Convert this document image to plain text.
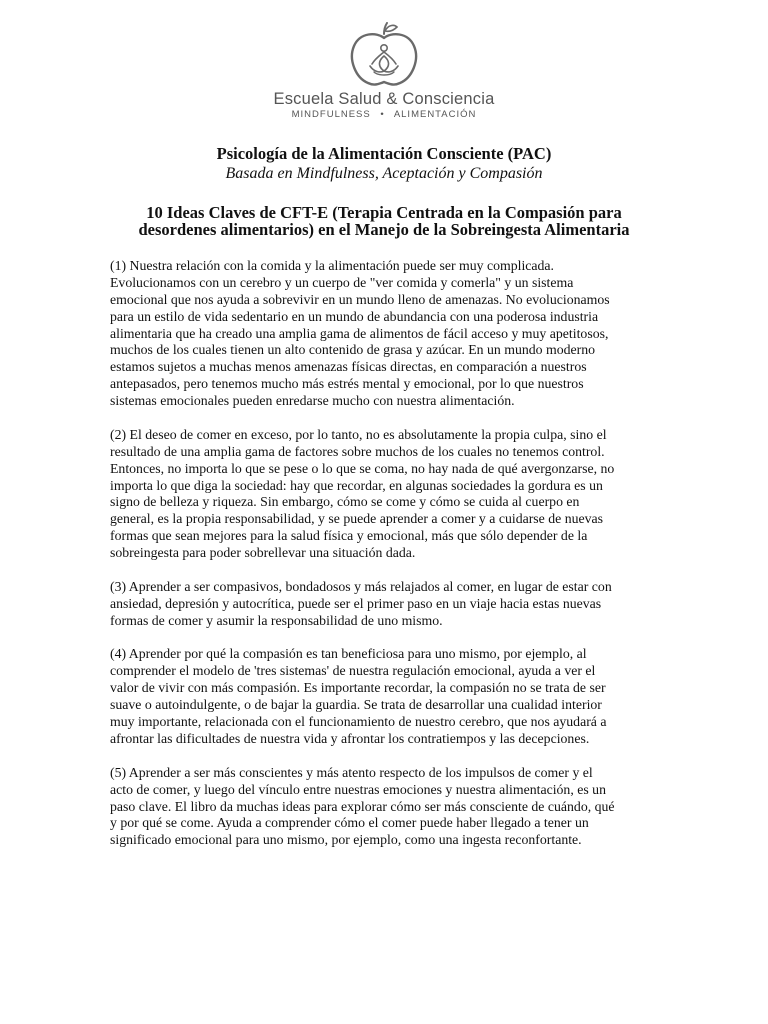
Escuela Salud & Consciencia
MINDFULNESS • ALIMENTACIÓN
Psicología de la Alimentación Consciente (PAC)
Basada en Mindfulness, Aceptación y Compasión
10 Ideas Claves de CFT-E (Terapia Centrada en la Compasión para
desordenes alimentarios) en el Manejo de la Sobreingesta Alimentaria
(1) Nuestra relación con la comida y la alimentación puede ser muy complicada.
Evolucionamos con un cerebro y un cuerpo de "ver comida y comerla" y un sistema
emocional que nos ayuda a sobrevivir en un mundo lleno de amenazas. No evolucionamos
para un estilo de vida sedentario en un mundo de abundancia con una poderosa industria
alimentaria que ha creado una amplia gama de alimentos de fácil acceso y muy apetitosos,
muchos de los cuales tienen un alto contenido de grasa y azúcar. En un mundo moderno
estamos sujetos a muchas menos amenazas físicas directas, en comparación a nuestros
antepasados, pero tenemos mucho más estrés mental y emocional, por lo que nuestros
sistemas emocionales pueden enredarse mucho con nuestra alimentación.
(2) El deseo de comer en exceso, por lo tanto, no es absolutamente la propia culpa, sino el
resultado de una amplia gama de factores sobre muchos de los cuales no tenemos control.
Entonces, no importa lo que se pese o lo que se coma, no hay nada de qué avergonzarse, no
importa lo que diga la sociedad: hay que recordar, en algunas sociedades la gordura es un
signo de belleza y riqueza. Sin embargo, cómo se come y cómo se cuida al cuerpo en
general, es la propia responsabilidad, y se puede aprender a comer y a cuidarse de nuevas
formas que sean mejores para la salud física y emocional, más que sólo depender de la
sobreingesta para poder sobrellevar una situación dada.
(3) Aprender a ser compasivos, bondadosos y más relajados al comer, en lugar de estar con
ansiedad, depresión y autocrítica, puede ser el primer paso en un viaje hacia estas nuevas
formas de comer y asumir la responsabilidad de uno mismo.
(4) Aprender por qué la compasión es tan beneficiosa para uno mismo, por ejemplo, al
comprender el modelo de 'tres sistemas' de nuestra regulación emocional, ayuda a ver el
valor de vivir con más compasión. Es importante recordar, la compasión no se trata de ser
suave o autoindulgente, o de bajar la guardia. Se trata de desarrollar una cualidad interior
muy importante, relacionada con el funcionamiento de nuestro cerebro, que nos ayudará a
afrontar las dificultades de nuestra vida y afrontar los contratiempos y las decepciones.
(5) Aprender a ser más conscientes y más atento respecto de los impulsos de comer y el
acto de comer, y luego del vínculo entre nuestras emociones y nuestra alimentación, es un
paso clave. El libro da muchas ideas para explorar cómo ser más consciente de cuándo, qué
y por qué se come. Ayuda a comprender cómo el comer puede haber llegado a tener un
significado emocional para uno mismo, por ejemplo, como una ingesta reconfortante.
